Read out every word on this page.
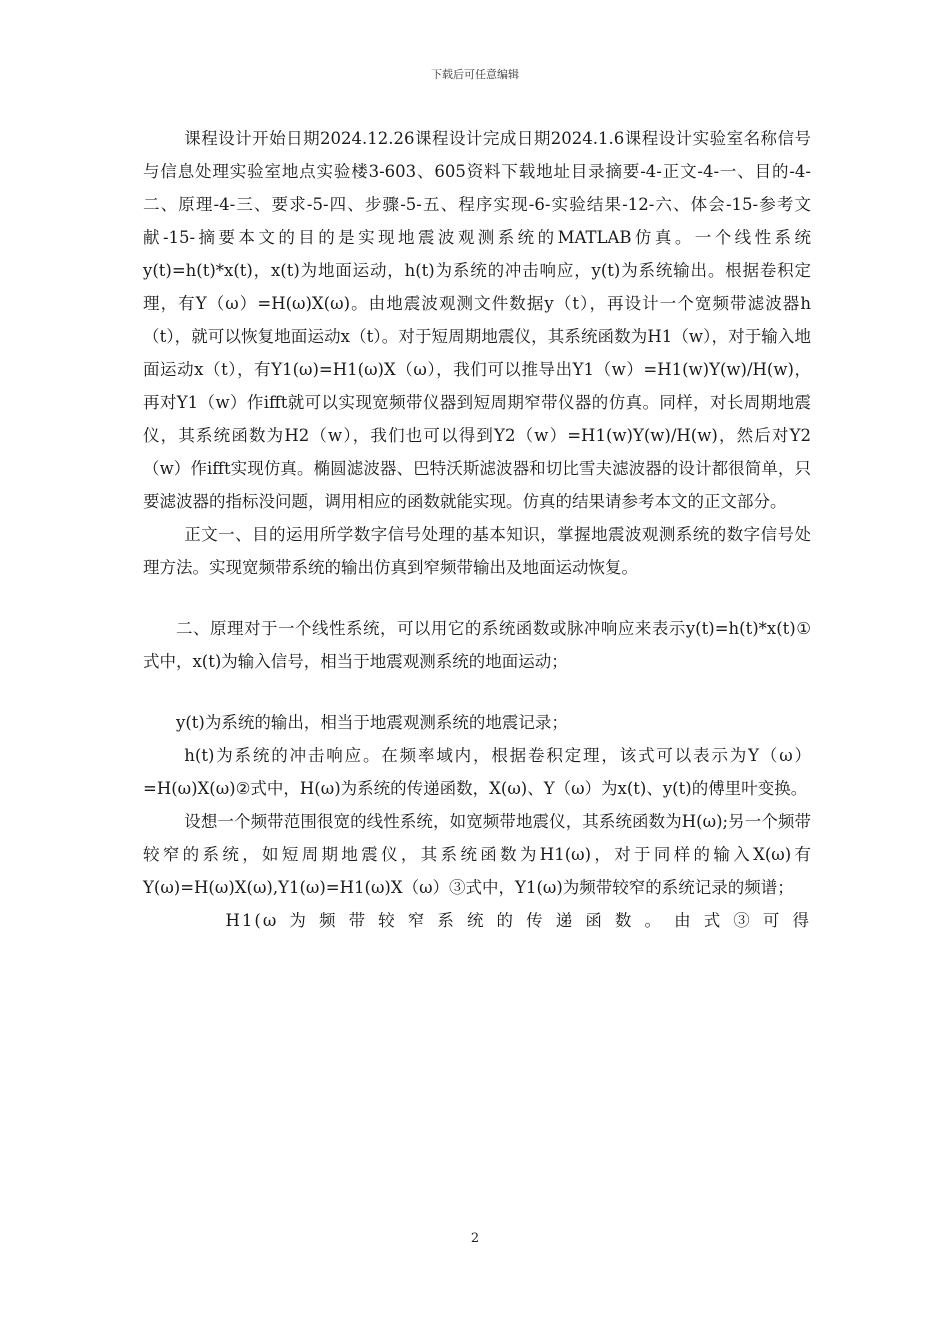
下载后可任意编辑

课程设计开始日期2024.12.26课程设计完成日期2024.1.6课程设计实验室名称信号与信息处理实验室地点实验楼3-603、605资料下载地址目录摘要-4-正文-4-一、目的-4-二、原理-4-三、要求-5-四、步骤-5-五、程序实现-6-实验结果-12-六、体会-15-参考文献-15-摘要本文的目的是实现地震波观测系统的MATLAB仿真。一个线性系统y(t)=h(t)*x(t)，x(t)为地面运动，h(t)为系统的冲击响应，y(t)为系统输出。根据卷积定理，有Y（ω）=H(ω)X(ω)。由地震波观测文件数据y（t），再设计一个宽频带滤波器h（t），就可以恢复地面运动x（t）。对于短周期地震仪，其系统函数为H1（w），对于输入地面运动x（t），有Y1(ω)=H1(ω)X（ω），我们可以推导出Y1（w）=H1(w)Y(w)/H(w)，再对Y1（w）作ifft就可以实现宽频带仪器到短周期窄带仪器的仿真。同样，对长周期地震仪，其系统函数为H2（w），我们也可以得到Y2（w）=H1(w)Y(w)/H(w)，然后对Y2（w）作ifft实现仿真。椭圆滤波器、巴特沃斯滤波器和切比雪夫滤波器的设计都很简单，只要滤波器的指标没问题，调用相应的函数就能实现。仿真的结果请参考本文的正文部分。

正文一、目的运用所学数字信号处理的基本知识，掌握地震波观测系统的数字信号处理方法。实现宽频带系统的输出仿真到窄频带输出及地面运动恢复。

二、原理对于一个线性系统，可以用它的系统函数或脉冲响应来表示y(t)=h(t)*x(t)①式中，x(t)为输入信号，相当于地震观测系统的地面运动；

y(t)为系统的输出，相当于地震观测系统的地震记录；

h(t)为系统的冲击响应。在频率域内，根据卷积定理，该式可以表示为Y（ω）=H(ω)X(ω)②式中，H(ω)为系统的传递函数，X(ω)、Y（ω）为x(t)、y(t)的傅里叶变换。

设想一个频带范围很宽的线性系统，如宽频带地震仪，其系统函数为H(ω);另一个频带较窄的系统，如短周期地震仪，其系统函数为H1(ω)，对于同样的输入X(ω)有Y(ω)=H(ω)X(ω),Y1(ω)=H1(ω)X（ω）③式中，Y1(ω)为频带较窄的系统记录的频谱；

H1(ω为频带较窄系统的传递函数。由式③可得

2
